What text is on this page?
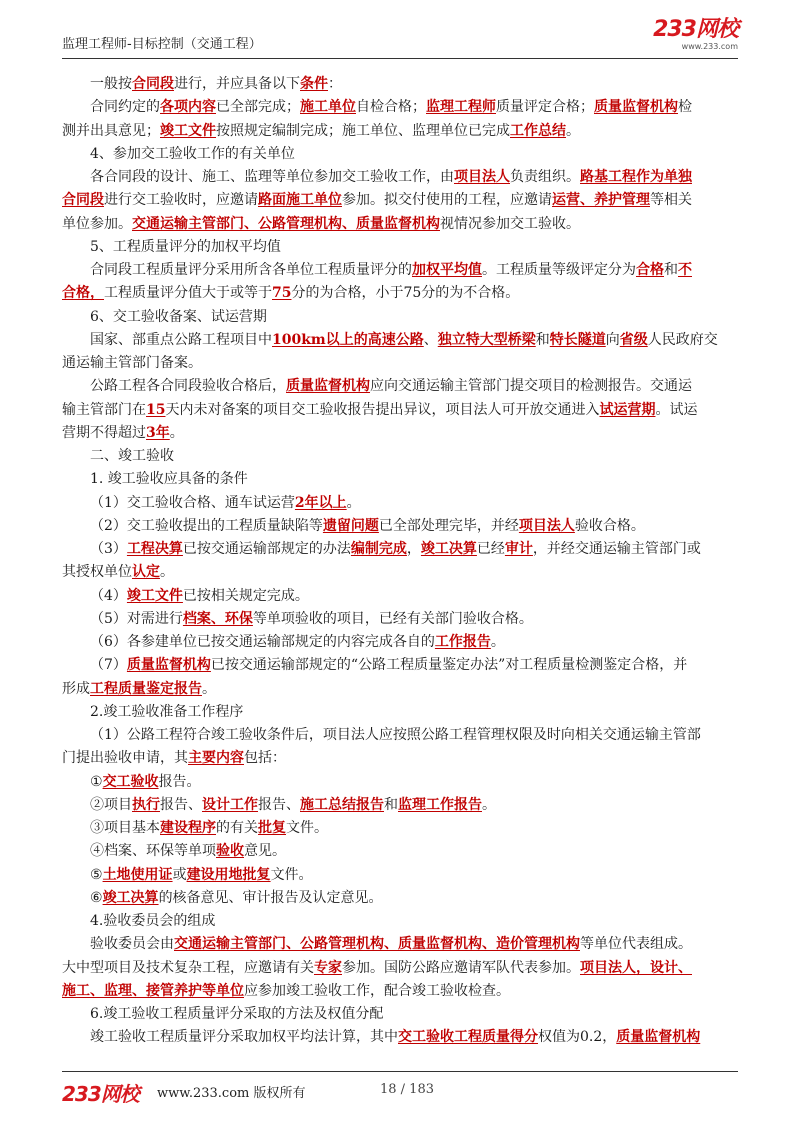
监理工程师-目标控制（交通工程）
233网校
www.233.com
一般按合同段进行，并应具备以下条件：
合同约定的各项内容已全部完成；施工单位自检合格；监理工程师质量评定合格；质量监督机构检
测并出具意见；竣工文件按照规定编制完成；施工单位、监理单位已完成工作总结。
4、参加交工验收工作的有关单位
各合同段的设计、施工、监理等单位参加交工验收工作，由项目法人负责组织。路基工程作为单独
合同段进行交工验收时，应邀请路面施工单位参加。拟交付使用的工程，应邀请运营、养护管理等相关
单位参加。交通运输主管部门、公路管理机构、质量监督机构视情况参加交工验收。
5、工程质量评分的加权平均值
合同段工程质量评分采用所含各单位工程质量评分的加权平均值。工程质量等级评定分为合格和不
合格，工程质量评分值大于或等于75分的为合格，小于75分的为不合格。
6、交工验收备案、试运营期
国家、部重点公路工程项目中100km以上的高速公路、独立特大型桥梁和特长隧道向省级人民政府交
通运输主管部门备案。
公路工程各合同段验收合格后，质量监督机构应向交通运输主管部门提交项目的检测报告。交通运
输主管部门在15天内未对备案的项目交工验收报告提出异议，项目法人可开放交通进入试运营期。试运
营期不得超过3年。
二、竣工验收
1. 竣工验收应具备的条件
（1）交工验收合格、通车试运营2年以上。
（2）交工验收提出的工程质量缺陷等遗留问题已全部处理完毕，并经项目法人验收合格。
（3）工程决算已按交通运输部规定的办法编制完成，竣工决算已经审计，并经交通运输主管部门或
其授权单位认定。
（4）竣工文件已按相关规定完成。
（5）对需进行档案、环保等单项验收的项目，已经有关部门验收合格。
（6）各参建单位已按交通运输部规定的内容完成各自的工作报告。
（7）质量监督机构已按交通运输部规定的“公路工程质量鉴定办法”对工程质量检测鉴定合格，并
形成工程质量鉴定报告。
2.竣工验收准备工作程序
（1）公路工程符合竣工验收条件后，项目法人应按照公路工程管理权限及时向相关交通运输主管部
门提出验收申请，其主要内容包括：
①交工验收报告。
②项目执行报告、设计工作报告、施工总结报告和监理工作报告。
③项目基本建设程序的有关批复文件。
④档案、环保等单项验收意见。
⑤土地使用证或建设用地批复文件。
⑥竣工决算的核备意见、审计报告及认定意见。
4.验收委员会的组成
验收委员会由交通运输主管部门、公路管理机构、质量监督机构、造价管理机构等单位代表组成。
大中型项目及技术复杂工程，应邀请有关专家参加。国防公路应邀请军队代表参加。项目法人，设计、
施工、监理、接管养护等单位应参加竣工验收工作，配合竣工验收检查。
6.竣工验收工程质量评分采取的方法及权值分配
竣工验收工程质量评分采取加权平均法计算，其中交工验收工程质量得分权值为0.2，质量监督机构
233网校 www.233.com 版权所有	18 / 183
